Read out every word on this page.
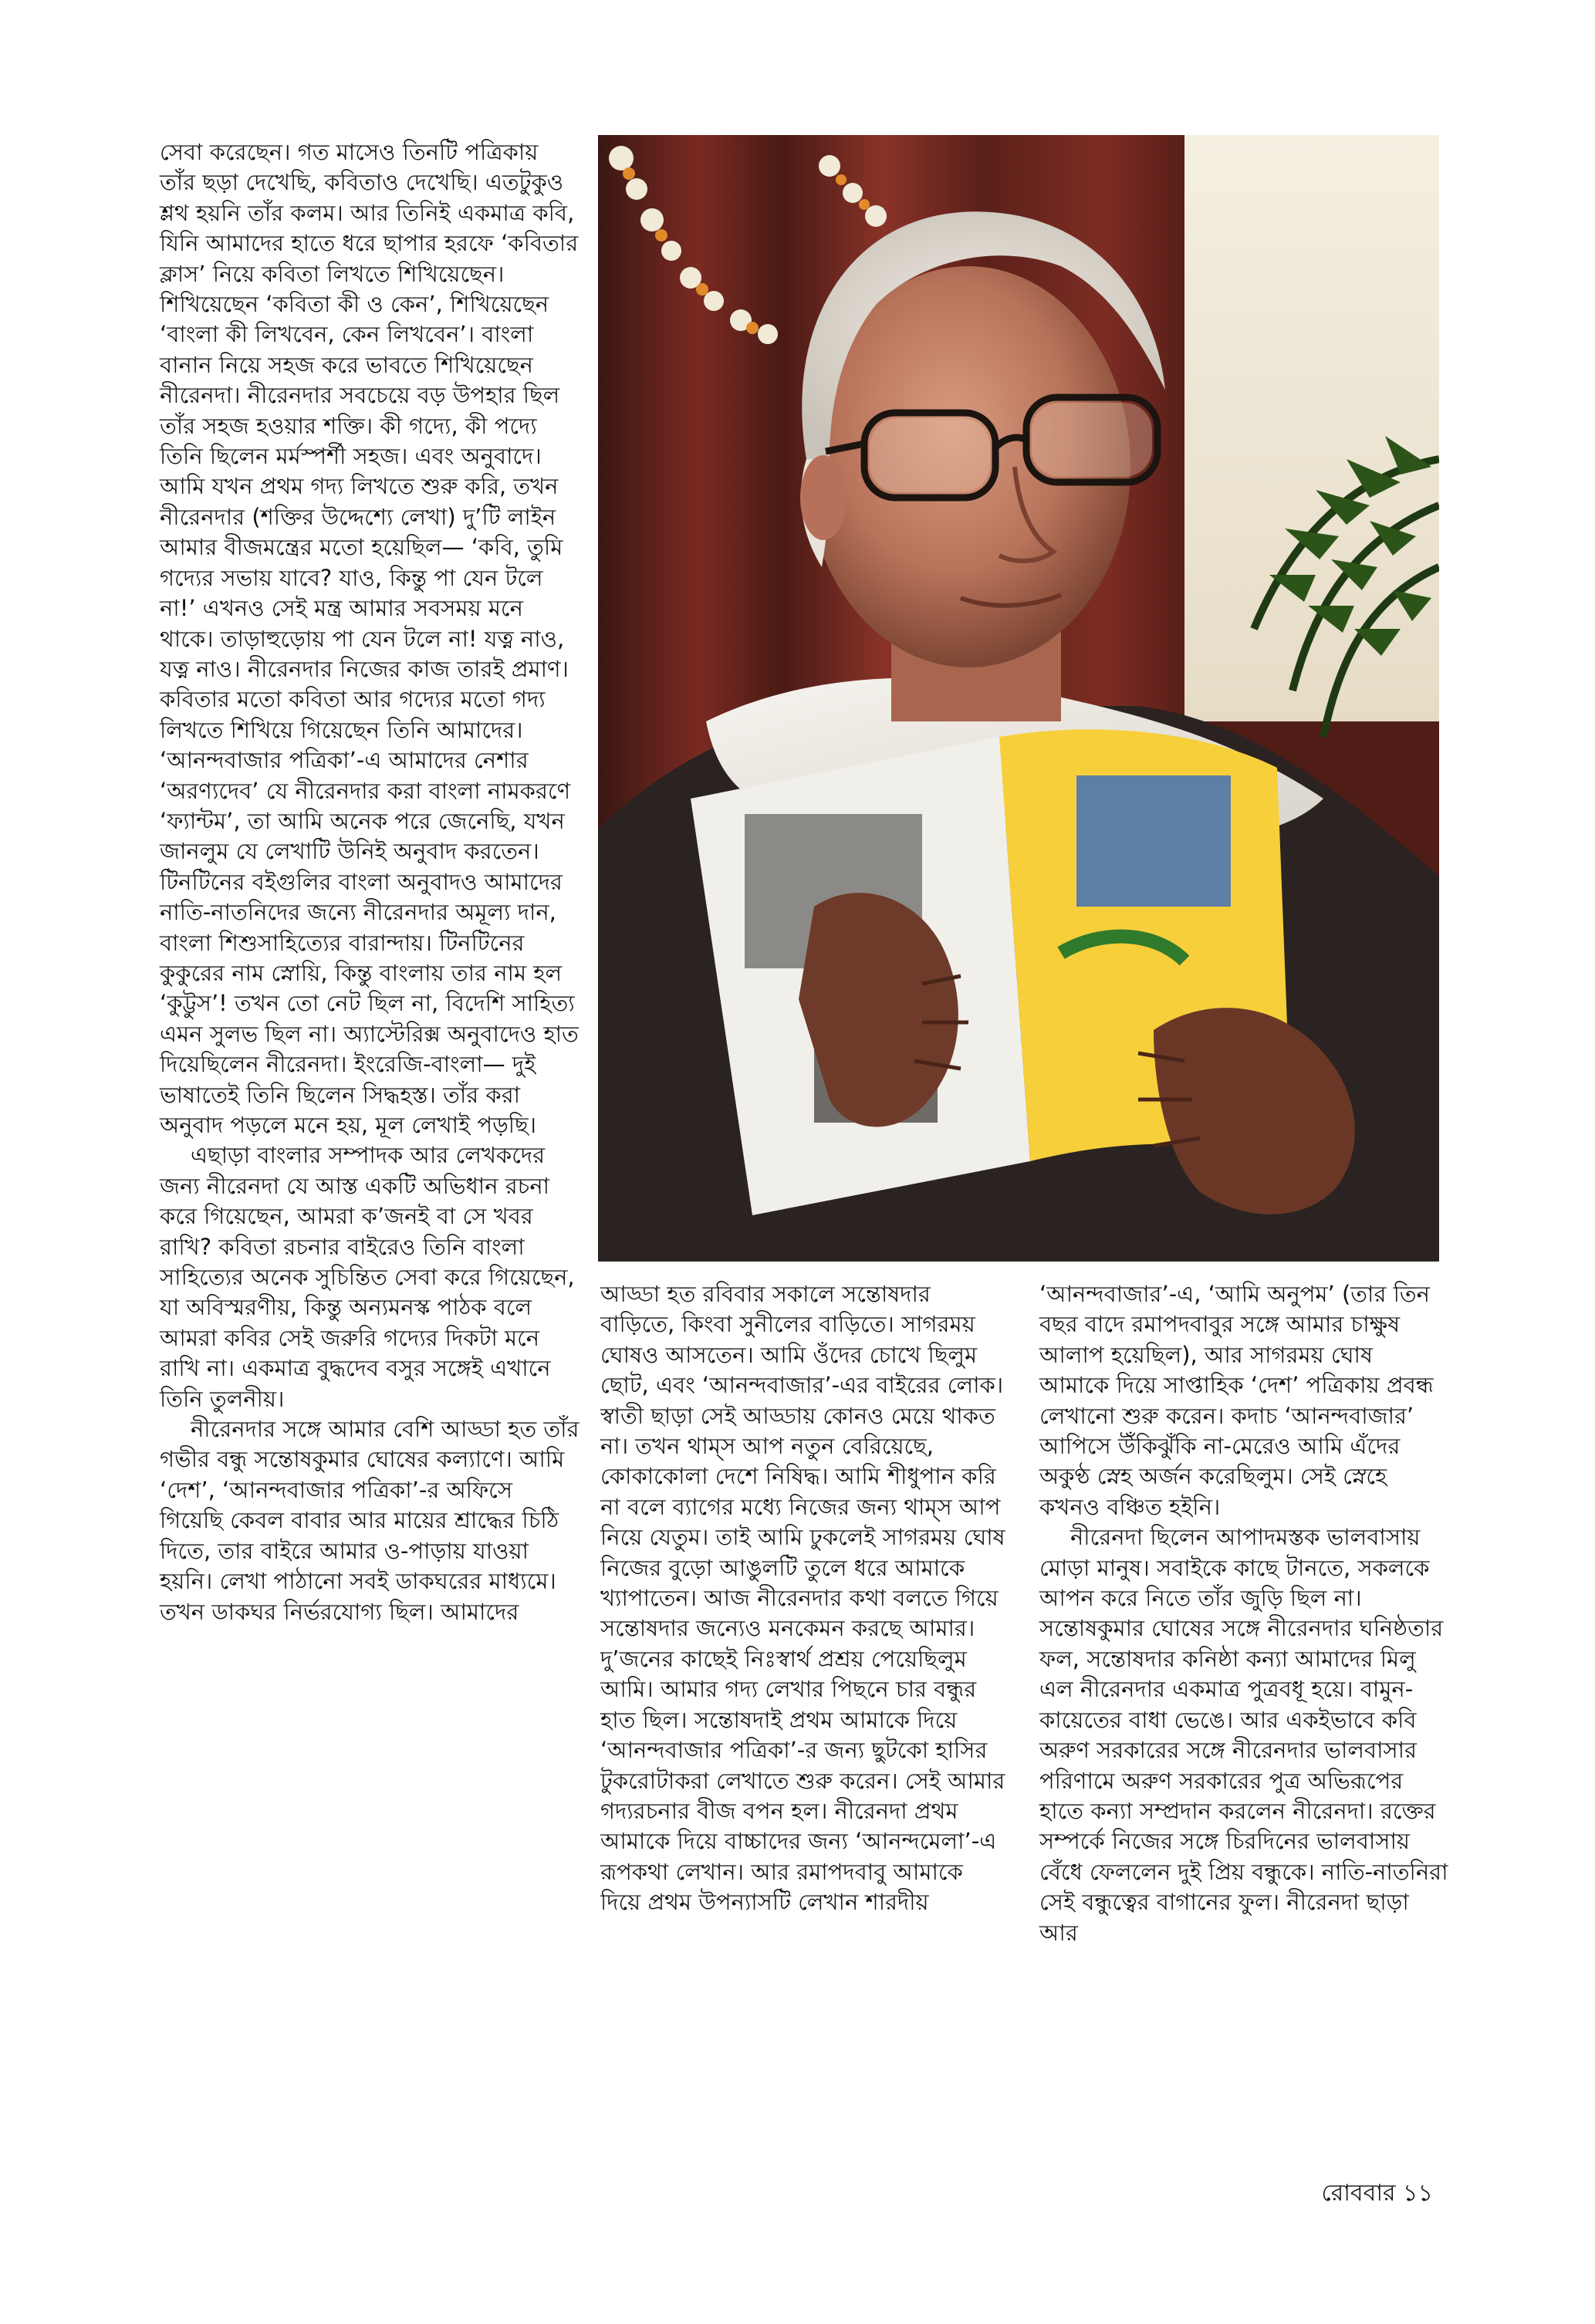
সেবা করেছেন। গত মাসেও তিনটি পত্রিকায় তাঁর ছড়া দেখেছি, কবিতাও দেখেছি। এতটুকুও শ্লথ হয়নি তাঁর কলম। আর তিনিই একমাত্র কবি, যিনি আমাদের হাতে ধরে ছাপার হরফে ‘কবিতার ক্লাস’ নিয়ে কবিতা লিখতে শিখিয়েছেন। শিখিয়েছেন ‘কবিতা কী ও কেন’, শিখিয়েছেন ‘বাংলা কী লিখবেন, কেন লিখবেন’। বাংলা বানান নিয়ে সহজ করে ভাবতে শিখিয়েছেন নীরেনদা। নীরেনদার সবচেয়ে বড় উপহার ছিল তাঁর সহজ হওয়ার শক্তি। কী গদ্যে, কী পদ্যে তিনি ছিলেন মর্মস্পর্শী সহজ। এবং অনুবাদে। আমি যখন প্রথম গদ্য লিখতে শুরু করি, তখন নীরেনদার (শক্তির উদ্দেশ্যে লেখা) দু’টি লাইন আমার বীজমন্ত্রের মতো হয়েছিল— ‘কবি, তুমি গদ্যের সভায় যাবে? যাও, কিন্তু পা যেন টলে না!’ এখনও সেই মন্ত্র আমার সবসময় মনে থাকে। তাড়াহুড়োয় পা যেন টলে না! যত্ন নাও, যত্ন নাও। নীরেনদার নিজের কাজ তারই প্রমাণ। কবিতার মতো কবিতা আর গদ্যের মতো গদ্য লিখতে শিখিয়ে গিয়েছেন তিনি আমাদের। ‘আনন্দবাজার পত্রিকা’-এ আমাদের নেশার ‘অরণ্যদেব’ যে নীরেনদার করা বাংলা নামকরণে ‘ফ্যান্টম’, তা আমি অনেক পরে জেনেছি, যখন জানলুম যে লেখাটি উনিই অনুবাদ করতেন। টিনটিনের বইগুলির বাংলা অনুবাদও আমাদের নাতি-নাতনিদের জন্যে নীরেনদার অমূল্য দান, বাংলা শিশুসাহিত্যের বারান্দায়। টিনটিনের কুকুরের নাম স্নোয়ি, কিন্তু বাংলায় তার নাম হল ‘কুট্টুস’! তখন তো নেট ছিল না, বিদেশি সাহিত্য এমন সুলভ ছিল না। অ্যাস্টেরিক্স অনুবাদেও হাত দিয়েছিলেন নীরেনদা। ইংরেজি-বাংলা— দুই ভাষাতেই তিনি ছিলেন সিদ্ধহস্ত। তাঁর করা অনুবাদ পড়লে মনে হয়, মূল লেখাই পড়ছি।

এছাড়া বাংলার সম্পাদক আর লেখকদের জন্য নীরেনদা যে আস্ত একটি অভিধান রচনা করে গিয়েছেন, আমরা ক’জনই বা সে খবর রাখি? কবিতা রচনার বাইরেও তিনি বাংলা সাহিত্যের অনেক সুচিন্তিত সেবা করে গিয়েছেন, যা অবিস্মরণীয়, কিন্তু অন্যমনস্ক পাঠক বলে আমরা কবির সেই জরুরি গদ্যের দিকটা মনে রাখি না। একমাত্র বুদ্ধদেব বসুর সঙ্গেই এখানে তিনি তুলনীয়।

নীরেনদার সঙ্গে আমার বেশি আড্ডা হত তাঁর গভীর বন্ধু সন্তোষকুমার ঘোষের কল্যাণে। আমি ‘দেশ’, ‘আনন্দবাজার পত্রিকা’-র অফিসে গিয়েছি কেবল বাবার আর মায়ের শ্রাদ্ধের চিঠি দিতে, তার বাইরে আমার ও-পাড়ায় যাওয়া হয়নি। লেখা পাঠানো সবই ডাকঘরের মাধ্যমে। তখন ডাকঘর নির্ভরযোগ্য ছিল। আমাদের

আড্ডা হত রবিবার সকালে সন্তোষদার বাড়িতে, কিংবা সুনীলের বাড়িতে। সাগরময় ঘোষও আসতেন। আমি ওঁদের চোখে ছিলুম ছোট, এবং ‘আনন্দবাজার’-এর বাইরের লোক। স্বাতী ছাড়া সেই আড্ডায় কোনও মেয়ে থাকত না। তখন থাম্স আপ নতুন বেরিয়েছে, কোকাকোলা দেশে নিষিদ্ধ। আমি শীধুপান করি না বলে ব্যাগের মধ্যে নিজের জন্য থাম্স আপ নিয়ে যেতুম। তাই আমি ঢুকলেই সাগরময় ঘোষ নিজের বুড়ো আঙুলটি তুলে ধরে আমাকে খ্যাপাতেন। আজ নীরেনদার কথা বলতে গিয়ে সন্তোষদার জন্যেও মনকেমন করছে আমার। দু’জনের কাছেই নিঃস্বার্থ প্রশ্রয় পেয়েছিলুম আমি। আমার গদ্য লেখার পিছনে চার বন্ধুর হাত ছিল। সন্তোষদাই প্রথম আমাকে দিয়ে ‘আনন্দবাজার পত্রিকা’-র জন্য ছুটকো হাসির টুকরোটাকরা লেখাতে শুরু করেন। সেই আমার গদ্যরচনার বীজ বপন হল। নীরেনদা প্রথম আমাকে দিয়ে বাচ্চাদের জন্য ‘আনন্দমেলা’-এ রূপকথা লেখান। আর রমাপদবাবু আমাকে দিয়ে প্রথম উপন্যাসটি লেখান শারদীয়

‘আনন্দবাজার’-এ, ‘আমি অনুপম’ (তার তিন বছর বাদে রমাপদবাবুর সঙ্গে আমার চাক্ষুষ আলাপ হয়েছিল), আর সাগরময় ঘোষ আমাকে দিয়ে সাপ্তাহিক ‘দেশ’ পত্রিকায় প্রবন্ধ লেখানো শুরু করেন। কদাচ ‘আনন্দবাজার’ আপিসে উঁকিঝুঁকি না-মেরেও আমি এঁদের অকুণ্ঠ স্নেহ অর্জন করেছিলুম। সেই স্নেহে কখনও বঞ্চিত হইনি।

নীরেনদা ছিলেন আপাদমস্তক ভালবাসায় মোড়া মানুষ। সবাইকে কাছে টানতে, সকলকে আপন করে নিতে তাঁর জুড়ি ছিল না। সন্তোষকুমার ঘোষের সঙ্গে নীরেনদার ঘনিষ্ঠতার ফল, সন্তোষদার কনিষ্ঠা কন্যা আমাদের মিলু এল নীরেনদার একমাত্র পুত্রবধূ হয়ে। বামুন-কায়েতের বাধা ভেঙে। আর একইভাবে কবি অরুণ সরকারের সঙ্গে নীরেনদার ভালবাসার পরিণামে অরুণ সরকারের পুত্র অভিরূপের হাতে কন্যা সম্প্রদান করলেন নীরেনদা। রক্তের সম্পর্কে নিজের সঙ্গে চিরদিনের ভালবাসায় বেঁধে ফেললেন দুই প্রিয় বন্ধুকে। নাতি-নাতনিরা সেই বন্ধুত্বের বাগানের ফুল। নীরেনদা ছাড়া আর

রোববার ১১
